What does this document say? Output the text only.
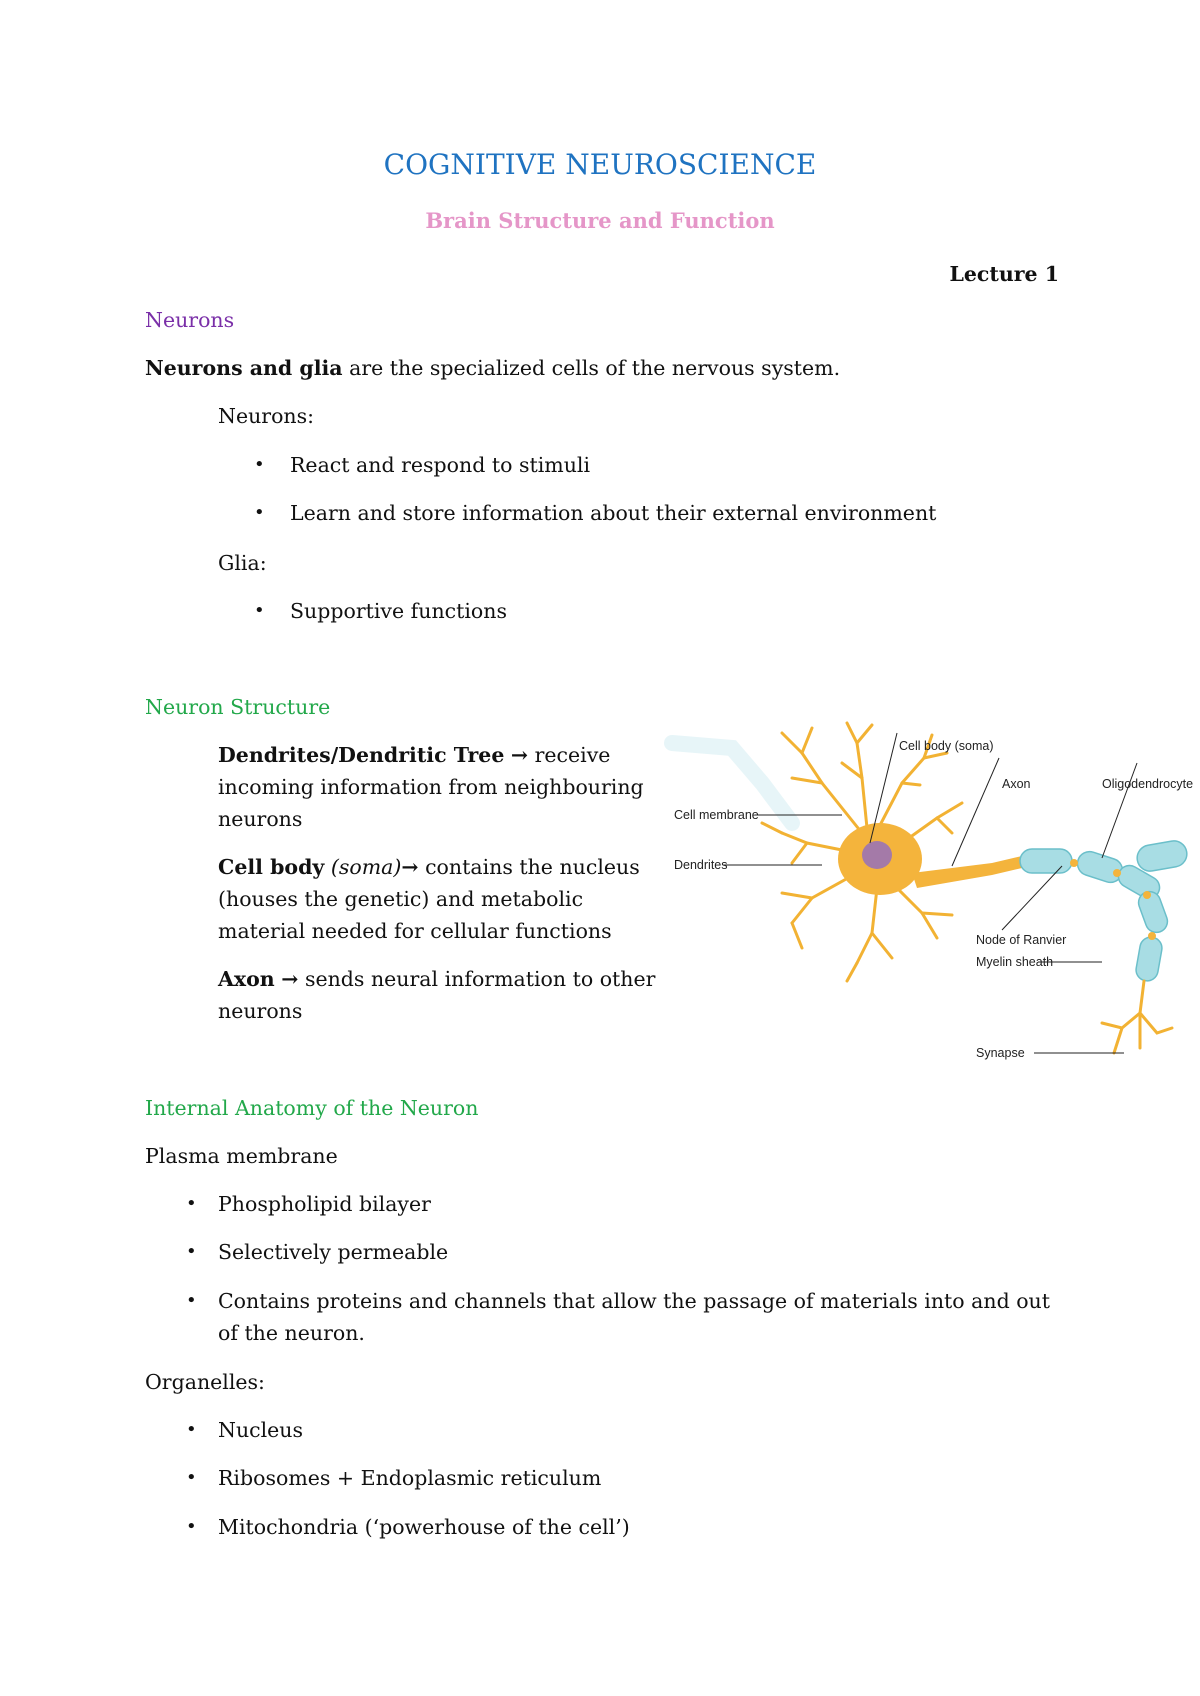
COGNITIVE NEUROSCIENCE
Brain Structure and Function
Lecture 1
Neurons
Neurons and glia are the specialized cells of the nervous system.
Neurons:
• React and respond to stimuli
• Learn and store information about their external environment
Glia:
• Supportive functions
Neuron Structure
Dendrites/Dendritic Tree → receive incoming information from neighbouring neurons
Cell body (soma)→ contains the nucleus (houses the genetic) and metabolic material needed for cellular functions
Axon → sends neural information to other neurons
Cell body (soma)
Axon	Oligodendrocyte
Cell membrane
Dendrites
Node of Ranvier
Myelin sheath
Synapse
Internal Anatomy of the Neuron
Plasma membrane
• Phospholipid bilayer
• Selectively permeable
• Contains proteins and channels that allow the passage of materials into and out of the neuron.
Organelles:
• Nucleus
• Ribosomes + Endoplasmic reticulum
• Mitochondria (‘powerhouse of the cell’)
